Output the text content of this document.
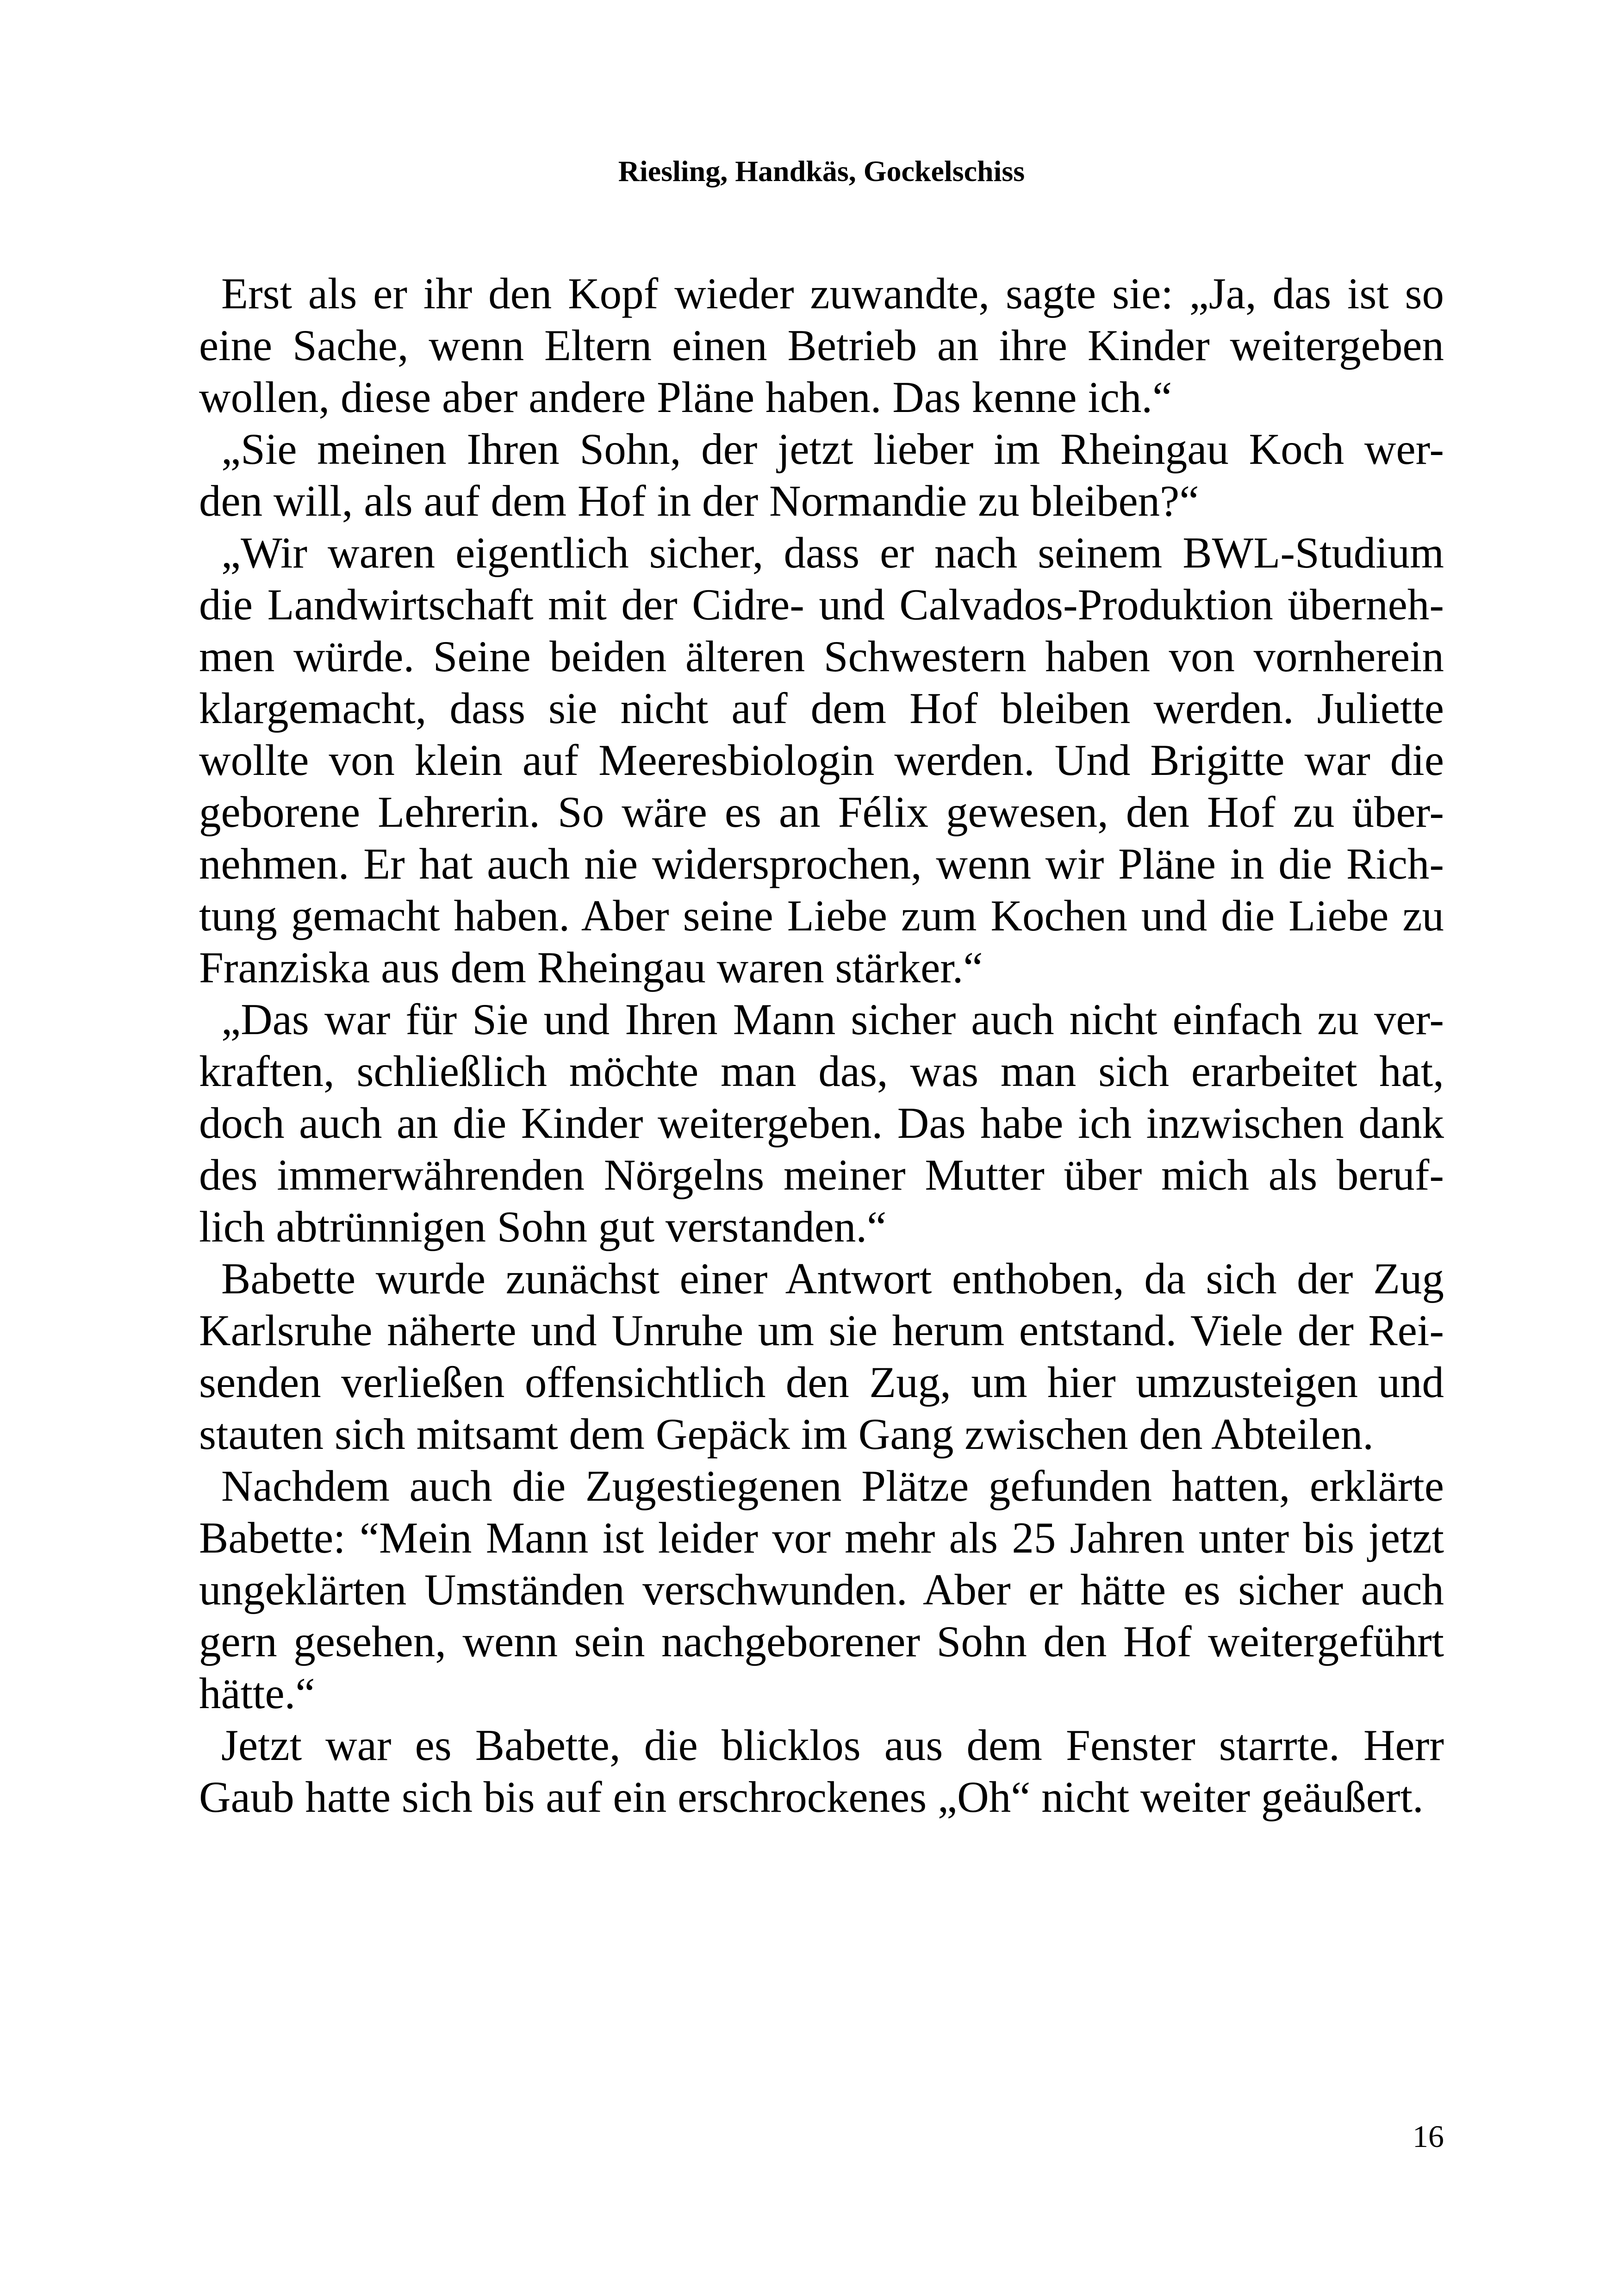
Riesling, Handkäs, Gockelschiss
Erst als er ihr den Kopf wieder zuwandte, sagte sie: „Ja, das ist so
eine Sache, wenn Eltern einen Betrieb an ihre Kinder weitergeben
wollen, diese aber andere Pläne haben. Das kenne ich.“
„Sie meinen Ihren Sohn, der jetzt lieber im Rheingau Koch wer-
den will, als auf dem Hof in der Normandie zu bleiben?“
„Wir waren eigentlich sicher, dass er nach seinem BWL-Studium
die Landwirtschaft mit der Cidre- und Calvados-Produktion überneh-
men würde. Seine beiden älteren Schwestern haben von vornherein
klargemacht, dass sie nicht auf dem Hof bleiben werden. Juliette
wollte von klein auf Meeresbiologin werden. Und Brigitte war die
geborene Lehrerin. So wäre es an Félix gewesen, den Hof zu über-
nehmen. Er hat auch nie widersprochen, wenn wir Pläne in die Rich-
tung gemacht haben. Aber seine Liebe zum Kochen und die Liebe zu
Franziska aus dem Rheingau waren stärker.“
„Das war für Sie und Ihren Mann sicher auch nicht einfach zu ver-
kraften, schließlich möchte man das, was man sich erarbeitet hat,
doch auch an die Kinder weitergeben. Das habe ich inzwischen dank
des immerwährenden Nörgelns meiner Mutter über mich als beruf-
lich abtrünnigen Sohn gut verstanden.“
Babette wurde zunächst einer Antwort enthoben, da sich der Zug
Karlsruhe näherte und Unruhe um sie herum entstand. Viele der Rei-
senden verließen offensichtlich den Zug, um hier umzusteigen und
stauten sich mitsamt dem Gepäck im Gang zwischen den Abteilen.
Nachdem auch die Zugestiegenen Plätze gefunden hatten, erklärte
Babette: “Mein Mann ist leider vor mehr als 25 Jahren unter bis jetzt
ungeklärten Umständen verschwunden. Aber er hätte es sicher auch
gern gesehen, wenn sein nachgeborener Sohn den Hof weitergeführt
hätte.“
Jetzt war es Babette, die blicklos aus dem Fenster starrte. Herr
Gaub hatte sich bis auf ein erschrockenes „Oh“ nicht weiter geäußert.
16
